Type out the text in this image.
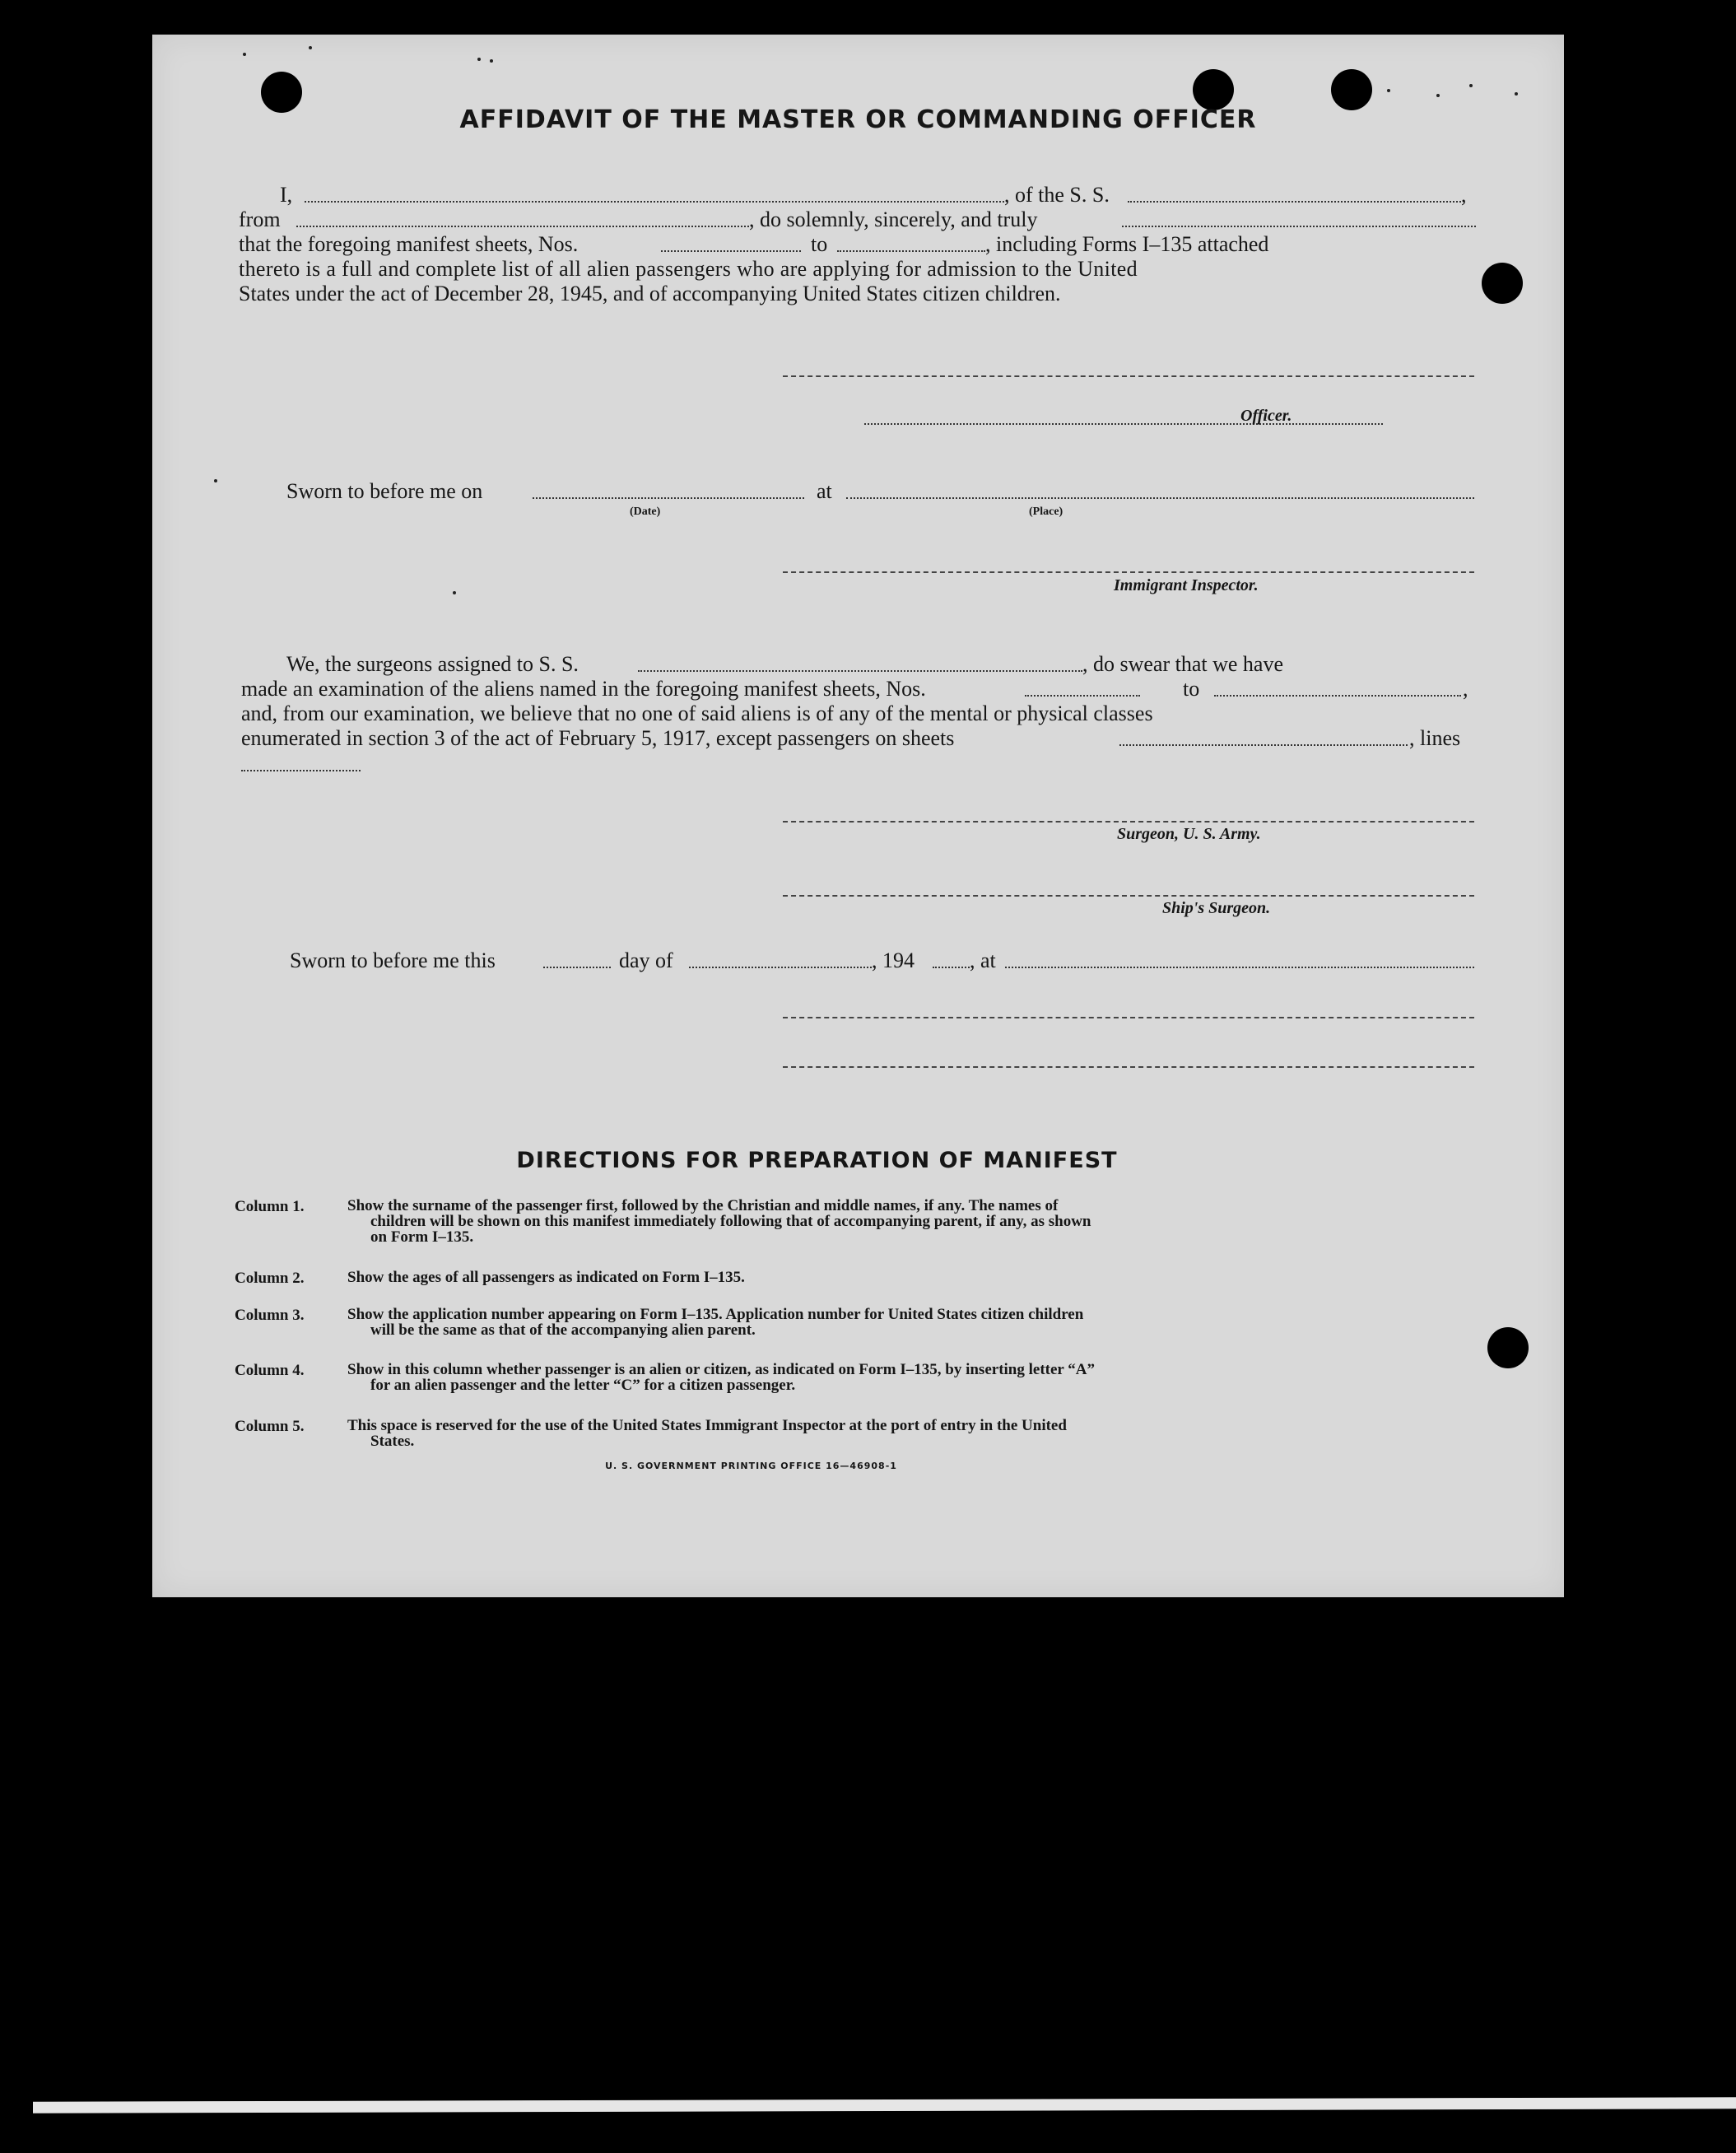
AFFIDAVIT OF THE MASTER OR COMMANDING OFFICER
I,	, of the S. S.	,
from	, do solemnly, sincerely, and truly
that the foregoing manifest sheets, Nos.	to	, including Forms I–135 attached
thereto is a full and complete list of all alien passengers who are applying for admission to the United
States under the act of December 28, 1945, and of accompanying United States citizen children.
Officer.
Sworn to before me on	at
(Date)	(Place)
Immigrant Inspector.
We, the surgeons assigned to S. S.	, do swear that we have
made an examination of the aliens named in the foregoing manifest sheets, Nos.	to	,
and, from our examination, we believe that no one of said aliens is of any of the mental or physical classes
enumerated in section 3 of the act of February 5, 1917, except passengers on sheets	, lines
Surgeon, U. S. Army.
Ship's Surgeon.
Sworn to before me this	day of	, 194	, at
DIRECTIONS FOR PREPARATION OF MANIFEST
Column 1.	Show the surname of the passenger first, followed by the Christian and middle names, if any. The names of
children will be shown on this manifest immediately following that of accompanying parent, if any, as shown
on Form I–135.
Column 2.	Show the ages of all passengers as indicated on Form I–135.
Column 3.	Show the application number appearing on Form I–135. Application number for United States citizen children
will be the same as that of the accompanying alien parent.
Column 4.	Show in this column whether passenger is an alien or citizen, as indicated on Form I–135, by inserting letter “A”
for an alien passenger and the letter “C” for a citizen passenger.
Column 5.	This space is reserved for the use of the United States Immigrant Inspector at the port of entry in the United
States.
U. S. GOVERNMENT PRINTING OFFICE 16—46908-1
